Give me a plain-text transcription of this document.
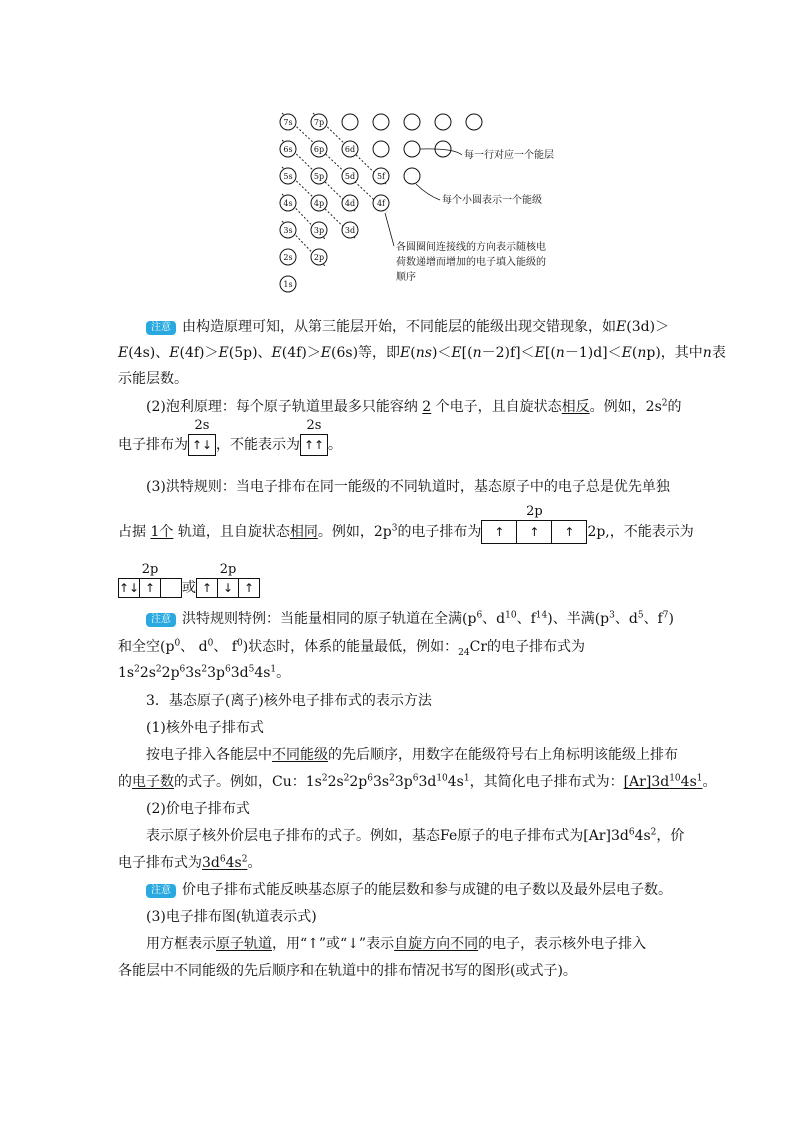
7s	7p
6s	6p	6d
5s	5p	5d	5f
4s	4p	4d	4f
3s	3p	3d
2s	2p
1s
每一行对应一个能层
每个小圆表示一个能级
各圆圈间连接线的方向表示随核电
荷数递增而增加的电子填入能级的
顺序
注意 由构造原理可知，从第三能层开始，不同能层的能级出现交错现象，如E(3d)＞
E(4s)、E(4f)＞E(5p)、E(4f)＞E(6s)等，即E(ns)＜E[(n－2)f]＜E[(n－1)d]＜E(np)，其中n表
示能层数。
(2)泡利原理：每个原子轨道里最多只能容纳 2 个电子，且自旋状态相反。例如，$2s^2$的
电子排布为
2s
↑↓ ，不能表示为
2s
↑↑ 。
(3)洪特规则：当电子排布在同一能级的不同轨道时，基态原子中的电子总是优先单独
占据 1个 轨道，且自旋状态相同。例如，$2p^3$的电子排布为
2p
↑	↑	↑ 2p,，不能表示为
2p
↑↓ ↑	或
2p
↑ ↓ ↑
注意 洪特规则特例：当能量相同的原子轨道在全满($p^6$、$d^{10}$、$f^{14}$)、半满($p^3$、$d^5$、$f^7$)
和全空($p^0$、 $d^0$、 $f^0$)状态时，体系的能量最低，例如：$_{24}$Cr的电子排布式为
$1s^22s^22p^63s^23p^63d^54s^1$。
3．基态原子(离子)核外电子排布式的表示方法
(1)核外电子排布式
按电子排入各能层中不同能级的先后顺序，用数字在能级符号右上角标明该能级上排布
的电子数的式子。例如，Cu：$1s^22s^22p^63s^23p^63d^{10}4s^1$，其简化电子排布式为：$[Ar]3d^{10}4s^1$。
(2)价电子排布式
表示原子核外价层电子排布的式子。例如，基态Fe原子的电子排布式为$[Ar]3d^64s^2$，价
电子排布式为$3d^64s^2$。
注意 价电子排布式能反映基态原子的能层数和参与成键的电子数以及最外层电子数。
(3)电子排布图(轨道表示式)
用方框表示原子轨道，用“↑”或“↓”表示自旋方向不同的电子，表示核外电子排入
各能层中不同能级的先后顺序和在轨道中的排布情况书写的图形(或式子)。
